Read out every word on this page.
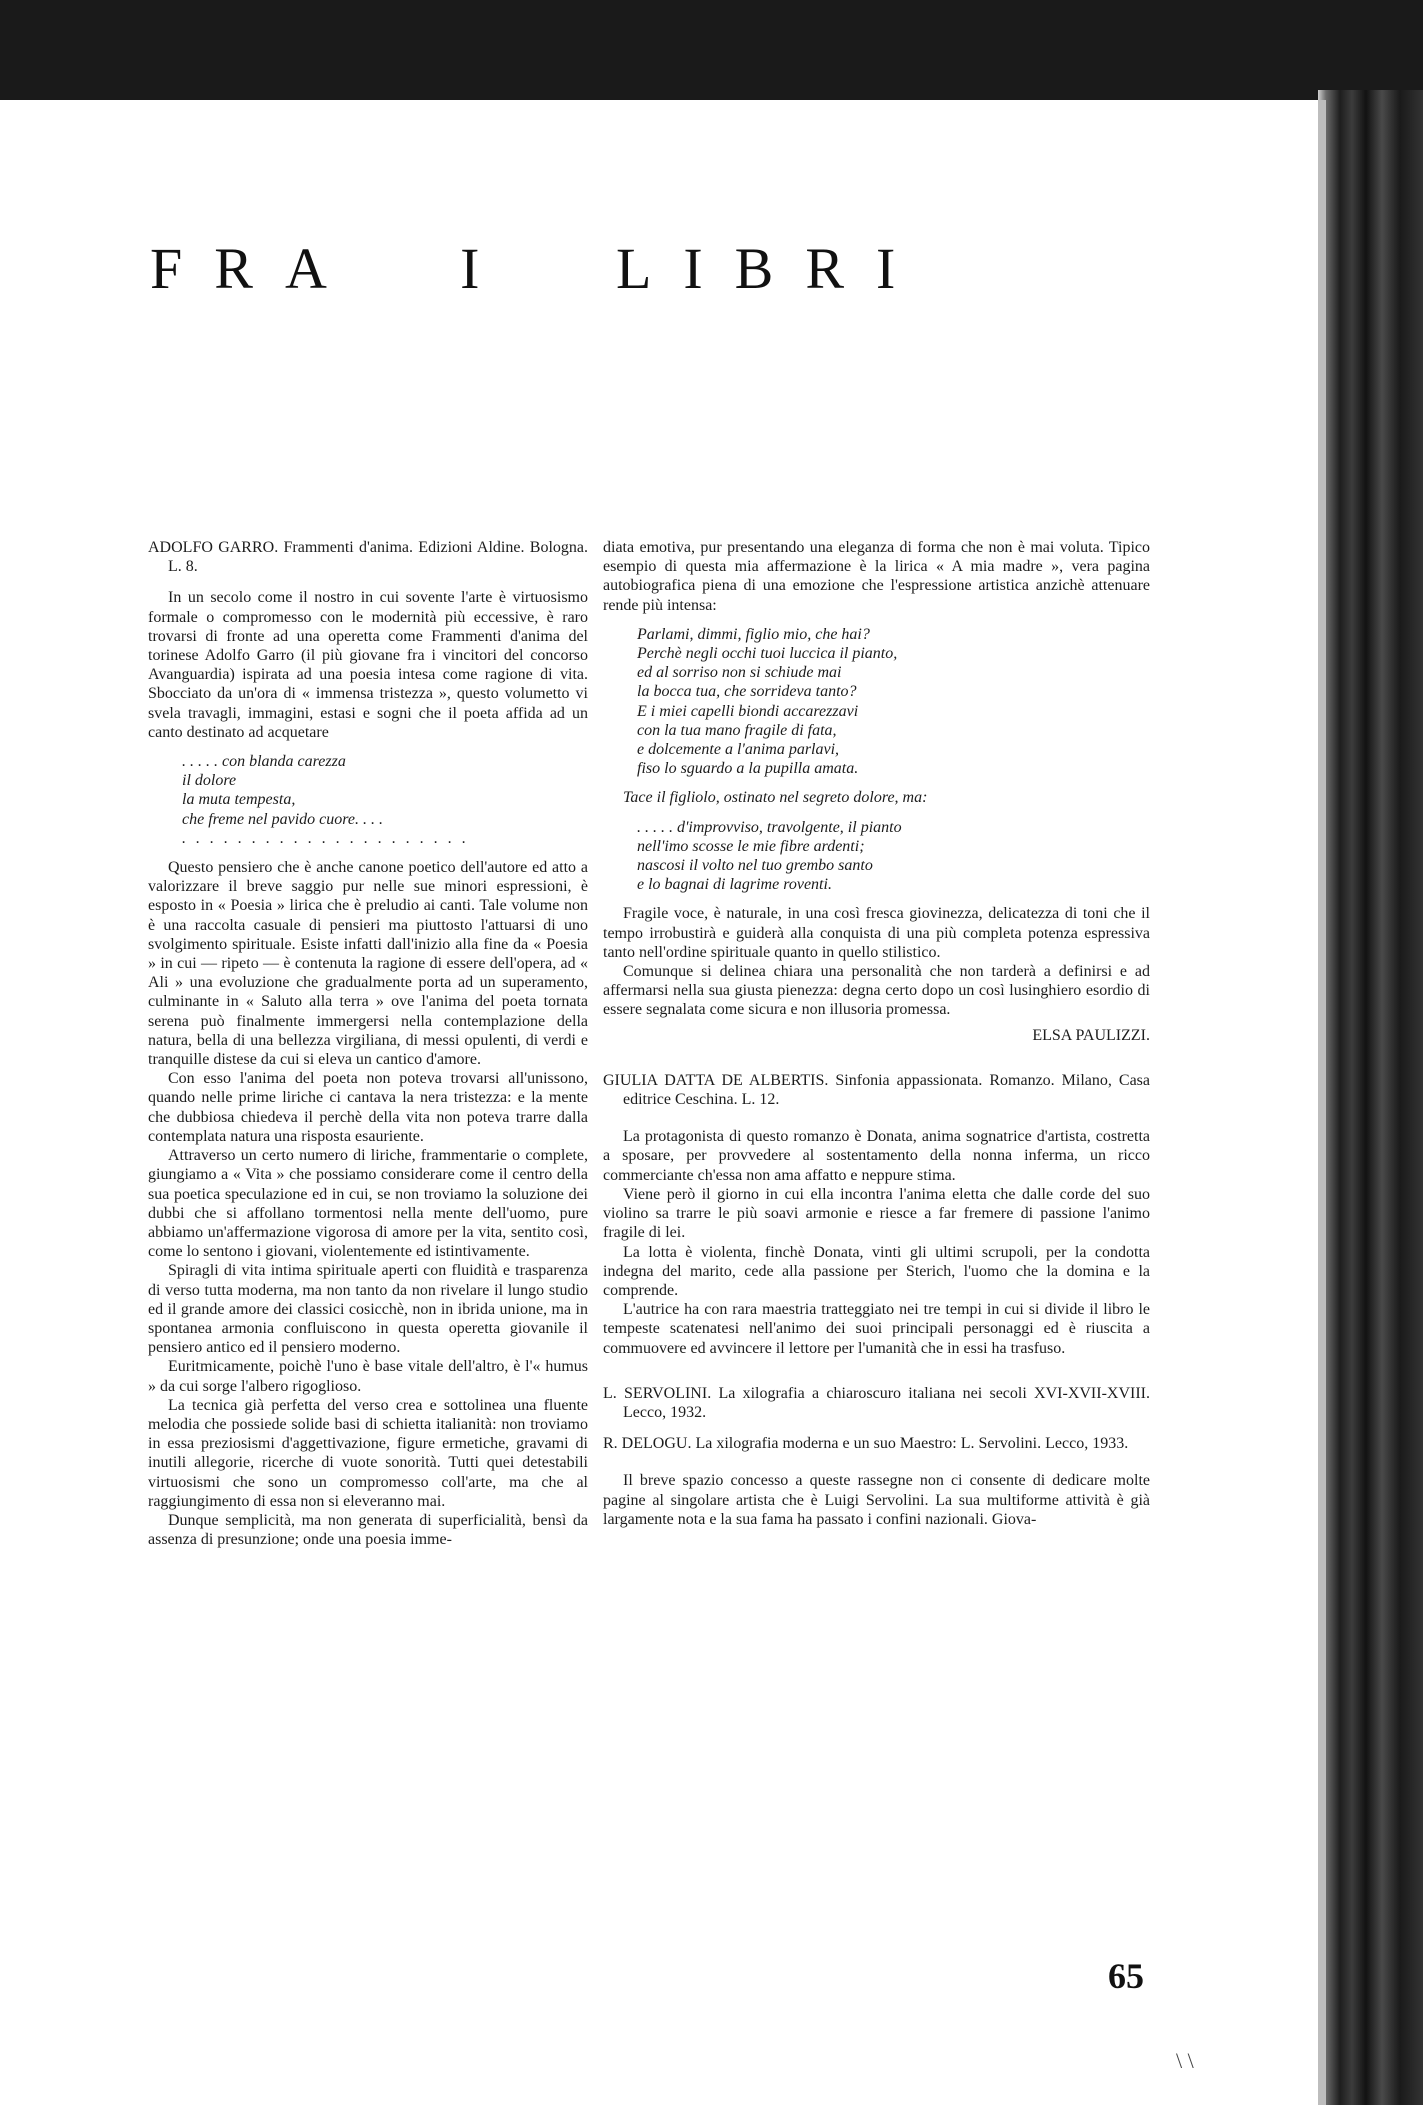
FRA I LIBRI

ADOLFO GARRO. Frammenti d'anima. Edizioni Aldine. Bologna. L. 8.

In un secolo come il nostro in cui sovente l'arte è virtuosismo formale o compromesso con le modernità più eccessive, è raro trovarsi di fronte ad una operetta come Frammenti d'anima del torinese Adolfo Garro (il più giovane fra i vincitori del concorso Avanguardia) ispirata ad una poesia intesa come ragione di vita. Sbocciato da un'ora di « immensa tristezza », questo volumetto vi svela travagli, immagini, estasi e sogni che il poeta affida ad un canto destinato ad acquetare

. . . . . con blanda carezza
il dolore
la muta tempesta,
che freme nel pavido cuore. . . .
. . . . . . . . . . . . . . . . . . . . .

Questo pensiero che è anche canone poetico dell'autore ed atto a valorizzare il breve saggio pur nelle sue minori espressioni, è esposto in « Poesia » lirica che è preludio ai canti. Tale volume non è una raccolta casuale di pensieri ma piuttosto l'attuarsi di uno svolgimento spirituale. Esiste infatti dall'inizio alla fine da « Poesia » in cui — ripeto — è contenuta la ragione di essere dell'opera, ad « Ali » una evoluzione che gradualmente porta ad un superamento, culminante in « Saluto alla terra » ove l'anima del poeta tornata serena può finalmente immergersi nella contemplazione della natura, bella di una bellezza virgiliana, di messi opulenti, di verdi e tranquille distese da cui si eleva un cantico d'amore.

Con esso l'anima del poeta non poteva trovarsi all'unissono, quando nelle prime liriche ci cantava la nera tristezza: e la mente che dubbiosa chiedeva il perchè della vita non poteva trarre dalla contemplata natura una risposta esauriente.

Attraverso un certo numero di liriche, frammentarie o complete, giungiamo a « Vita » che possiamo considerare come il centro della sua poetica speculazione ed in cui, se non troviamo la soluzione dei dubbi che si affollano tormentosi nella mente dell'uomo, pure abbiamo un'affermazione vigorosa di amore per la vita, sentito così, come lo sentono i giovani, violentemente ed istintivamente.

Spiragli di vita intima spirituale aperti con fluidità e trasparenza di verso tutta moderna, ma non tanto da non rivelare il lungo studio ed il grande amore dei classici cosicchè, non in ibrida unione, ma in spontanea armonia confluiscono in questa operetta giovanile il pensiero antico ed il pensiero moderno.

Euritmicamente, poichè l'uno è base vitale dell'altro, è l'« humus » da cui sorge l'albero rigoglioso.

La tecnica già perfetta del verso crea e sottolinea una fluente melodia che possiede solide basi di schietta italianità: non troviamo in essa preziosismi d'aggettivazione, figure ermetiche, gravami di inutili allegorie, ricerche di vuote sonorità. Tutti quei detestabili virtuosismi che sono un compromesso coll'arte, ma che al raggiungimento di essa non si eleveranno mai.

Dunque semplicità, ma non generata di superficialità, bensì da assenza di presunzione; onde una poesia imme-

diata emotiva, pur presentando una eleganza di forma che non è mai voluta. Tipico esempio di questa mia affermazione è la lirica « A mia madre », vera pagina autobiografica piena di una emozione che l'espressione artistica anzichè attenuare rende più intensa:

Parlami, dimmi, figlio mio, che hai?
Perchè negli occhi tuoi luccica il pianto,
ed al sorriso non si schiude mai
la bocca tua, che sorrideva tanto?
E i miei capelli biondi accarezzavi
con la tua mano fragile di fata,
e dolcemente a l'anima parlavi,
fiso lo sguardo a la pupilla amata.

Tace il figliolo, ostinato nel segreto dolore, ma:

. . . . . d'improvviso, travolgente, il pianto
nell'imo scosse le mie fibre ardenti;
nascosi il volto nel tuo grembo santo
e lo bagnai di lagrime roventi.

Fragile voce, è naturale, in una così fresca giovinezza, delicatezza di toni che il tempo irrobustirà e guiderà alla conquista di una più completa potenza espressiva tanto nell'ordine spirituale quanto in quello stilistico.

Comunque si delinea chiara una personalità che non tarderà a definirsi e ad affermarsi nella sua giusta pienezza: degna certo dopo un così lusinghiero esordio di essere segnalata come sicura e non illusoria promessa.

ELSA PAULIZZI.

GIULIA DATTA DE ALBERTIS. Sinfonia appassionata. Romanzo. Milano, Casa editrice Ceschina. L. 12.

La protagonista di questo romanzo è Donata, anima sognatrice d'artista, costretta a sposare, per provvedere al sostentamento della nonna inferma, un ricco commerciante ch'essa non ama affatto e neppure stima.

Viene però il giorno in cui ella incontra l'anima eletta che dalle corde del suo violino sa trarre le più soavi armonie e riesce a far fremere di passione l'animo fragile di lei.

La lotta è violenta, finchè Donata, vinti gli ultimi scrupoli, per la condotta indegna del marito, cede alla passione per Sterich, l'uomo che la domina e la comprende.

L'autrice ha con rara maestria tratteggiato nei tre tempi in cui si divide il libro le tempeste scatenatesi nell'animo dei suoi principali personaggi ed è riuscita a commuovere ed avvincere il lettore per l'umanità che in essi ha trasfuso.

L. SERVOLINI. La xilografia a chiaroscuro italiana nei secoli XVI-XVII-XVIII. Lecco, 1932.

R. DELOGU. La xilografia moderna e un suo Maestro: L. Servolini. Lecco, 1933.

Il breve spazio concesso a queste rassegne non ci consente di dedicare molte pagine al singolare artista che è Luigi Servolini. La sua multiforme attività è già largamente nota e la sua fama ha passato i confini nazionali. Giova-

65
\ \
